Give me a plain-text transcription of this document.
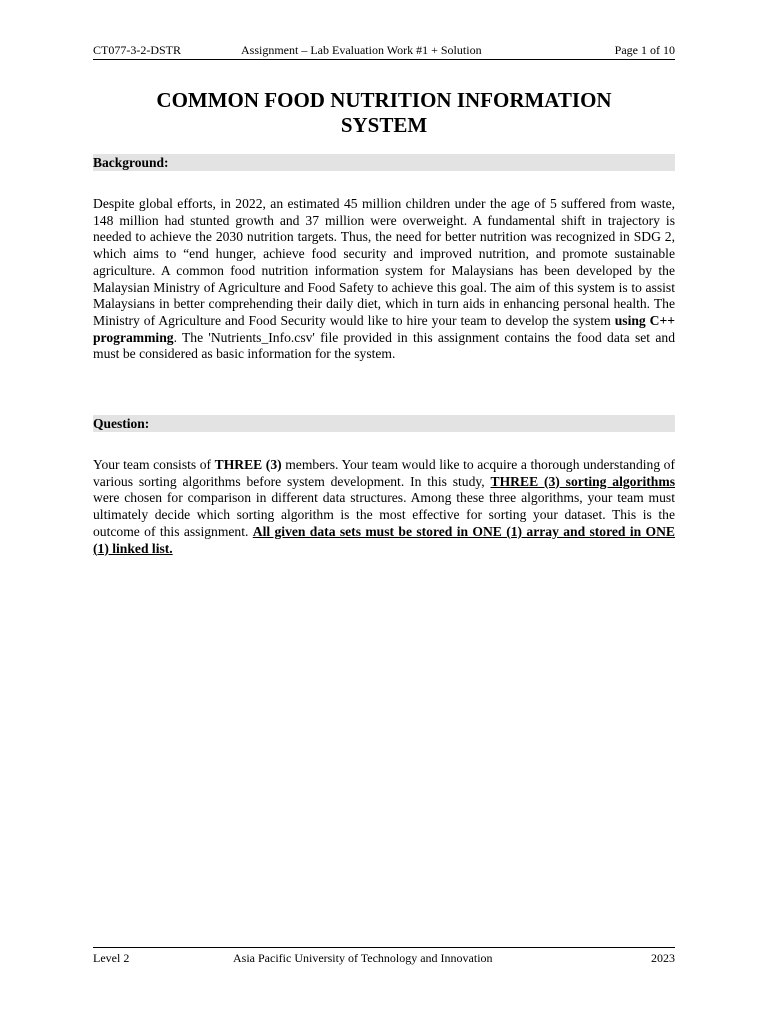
CT077-3-2-DSTR	Assignment – Lab Evaluation Work #1 + Solution	Page 1 of 10
COMMON FOOD NUTRITION INFORMATION
SYSTEM
Background:
Despite global efforts, in 2022, an estimated 45 million children under the age of 5 suffered from waste, 148 million had stunted growth and 37 million were overweight. A fundamental shift in trajectory is needed to achieve the 2030 nutrition targets. Thus, the need for better nutrition was recognized in SDG 2, which aims to “end hunger, achieve food security and improved nutrition, and promote sustainable agriculture. A common food nutrition information system for Malaysians has been developed by the Malaysian Ministry of Agriculture and Food Safety to achieve this goal. The aim of this system is to assist Malaysians in better comprehending their daily diet, which in turn aids in enhancing personal health. The Ministry of Agriculture and Food Security would like to hire your team to develop the system using C++ programming. The 'Nutrients_Info.csv' file provided in this assignment contains the food data set and must be considered as basic information for the system.
Question:
Your team consists of THREE (3) members. Your team would like to acquire a thorough understanding of various sorting algorithms before system development. In this study, THREE (3) sorting algorithms were chosen for comparison in different data structures. Among these three algorithms, your team must ultimately decide which sorting algorithm is the most effective for sorting your dataset. This is the outcome of this assignment. All given data sets must be stored in ONE (1) array and stored in ONE (1) linked list.
Level 2	Asia Pacific University of Technology and Innovation	2023
